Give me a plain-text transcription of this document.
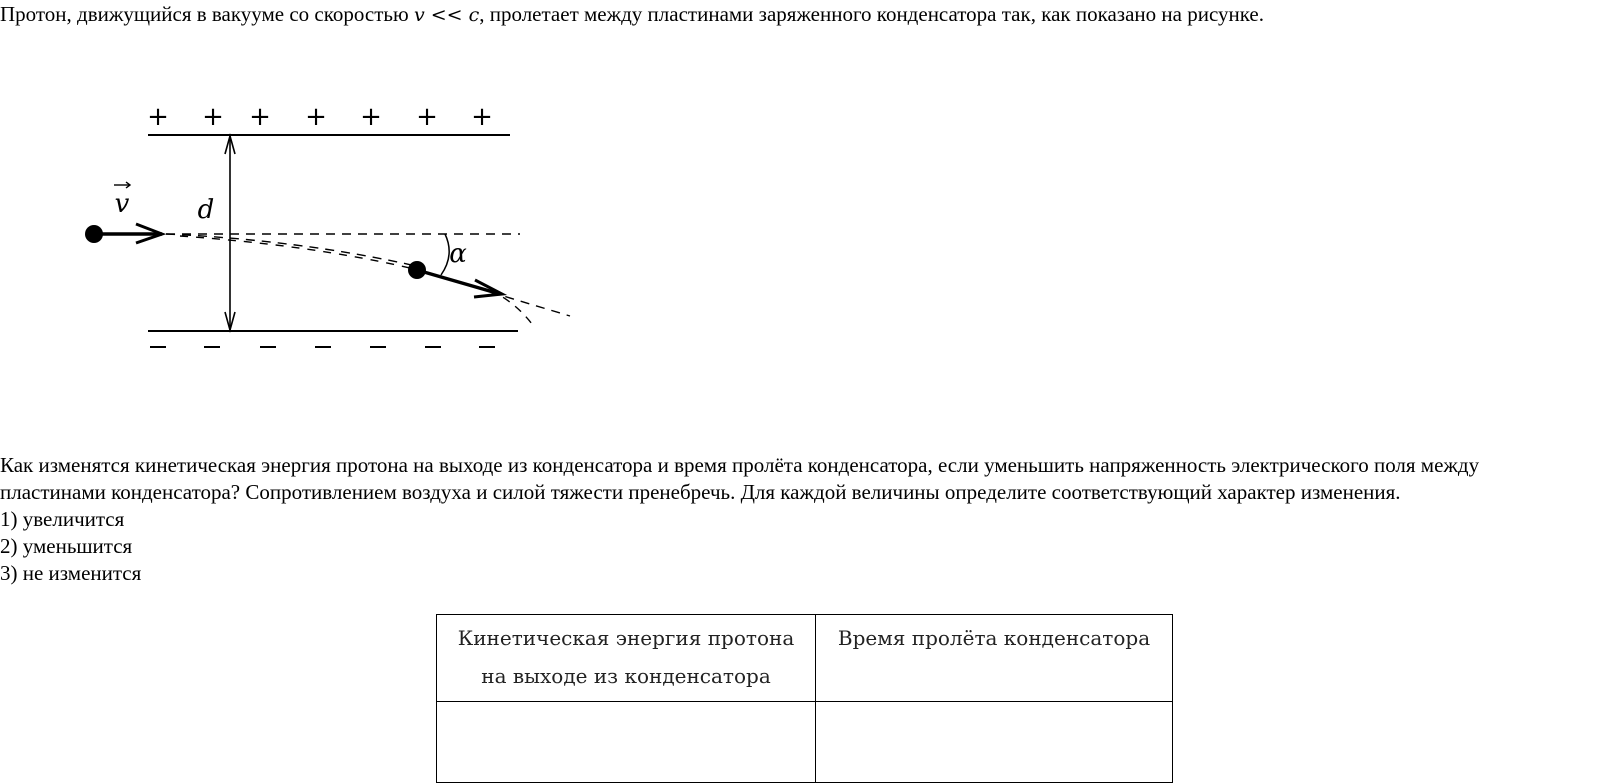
Протон, движущийся в вакууме со скоростью v << c, пролетает между пластинами заряженного конденсатора так, как показано на рисунке.
+ + + + + + +
d
v
α

Как изменятся кинетическая энергия протона на выходе из конденсатора и время пролёта конденсатора, если уменьшить напряженность электрического поля между пластинами конденсатора? Сопротивлением воздуха и силой тяжести пренебречь. Для каждой величины определите соответствующий характер изменения.

1) увеличится
2) уменьшится
3) не изменится
Кинетическая энергия протона на выходе из конденсатора	Время пролёта конденсатора
